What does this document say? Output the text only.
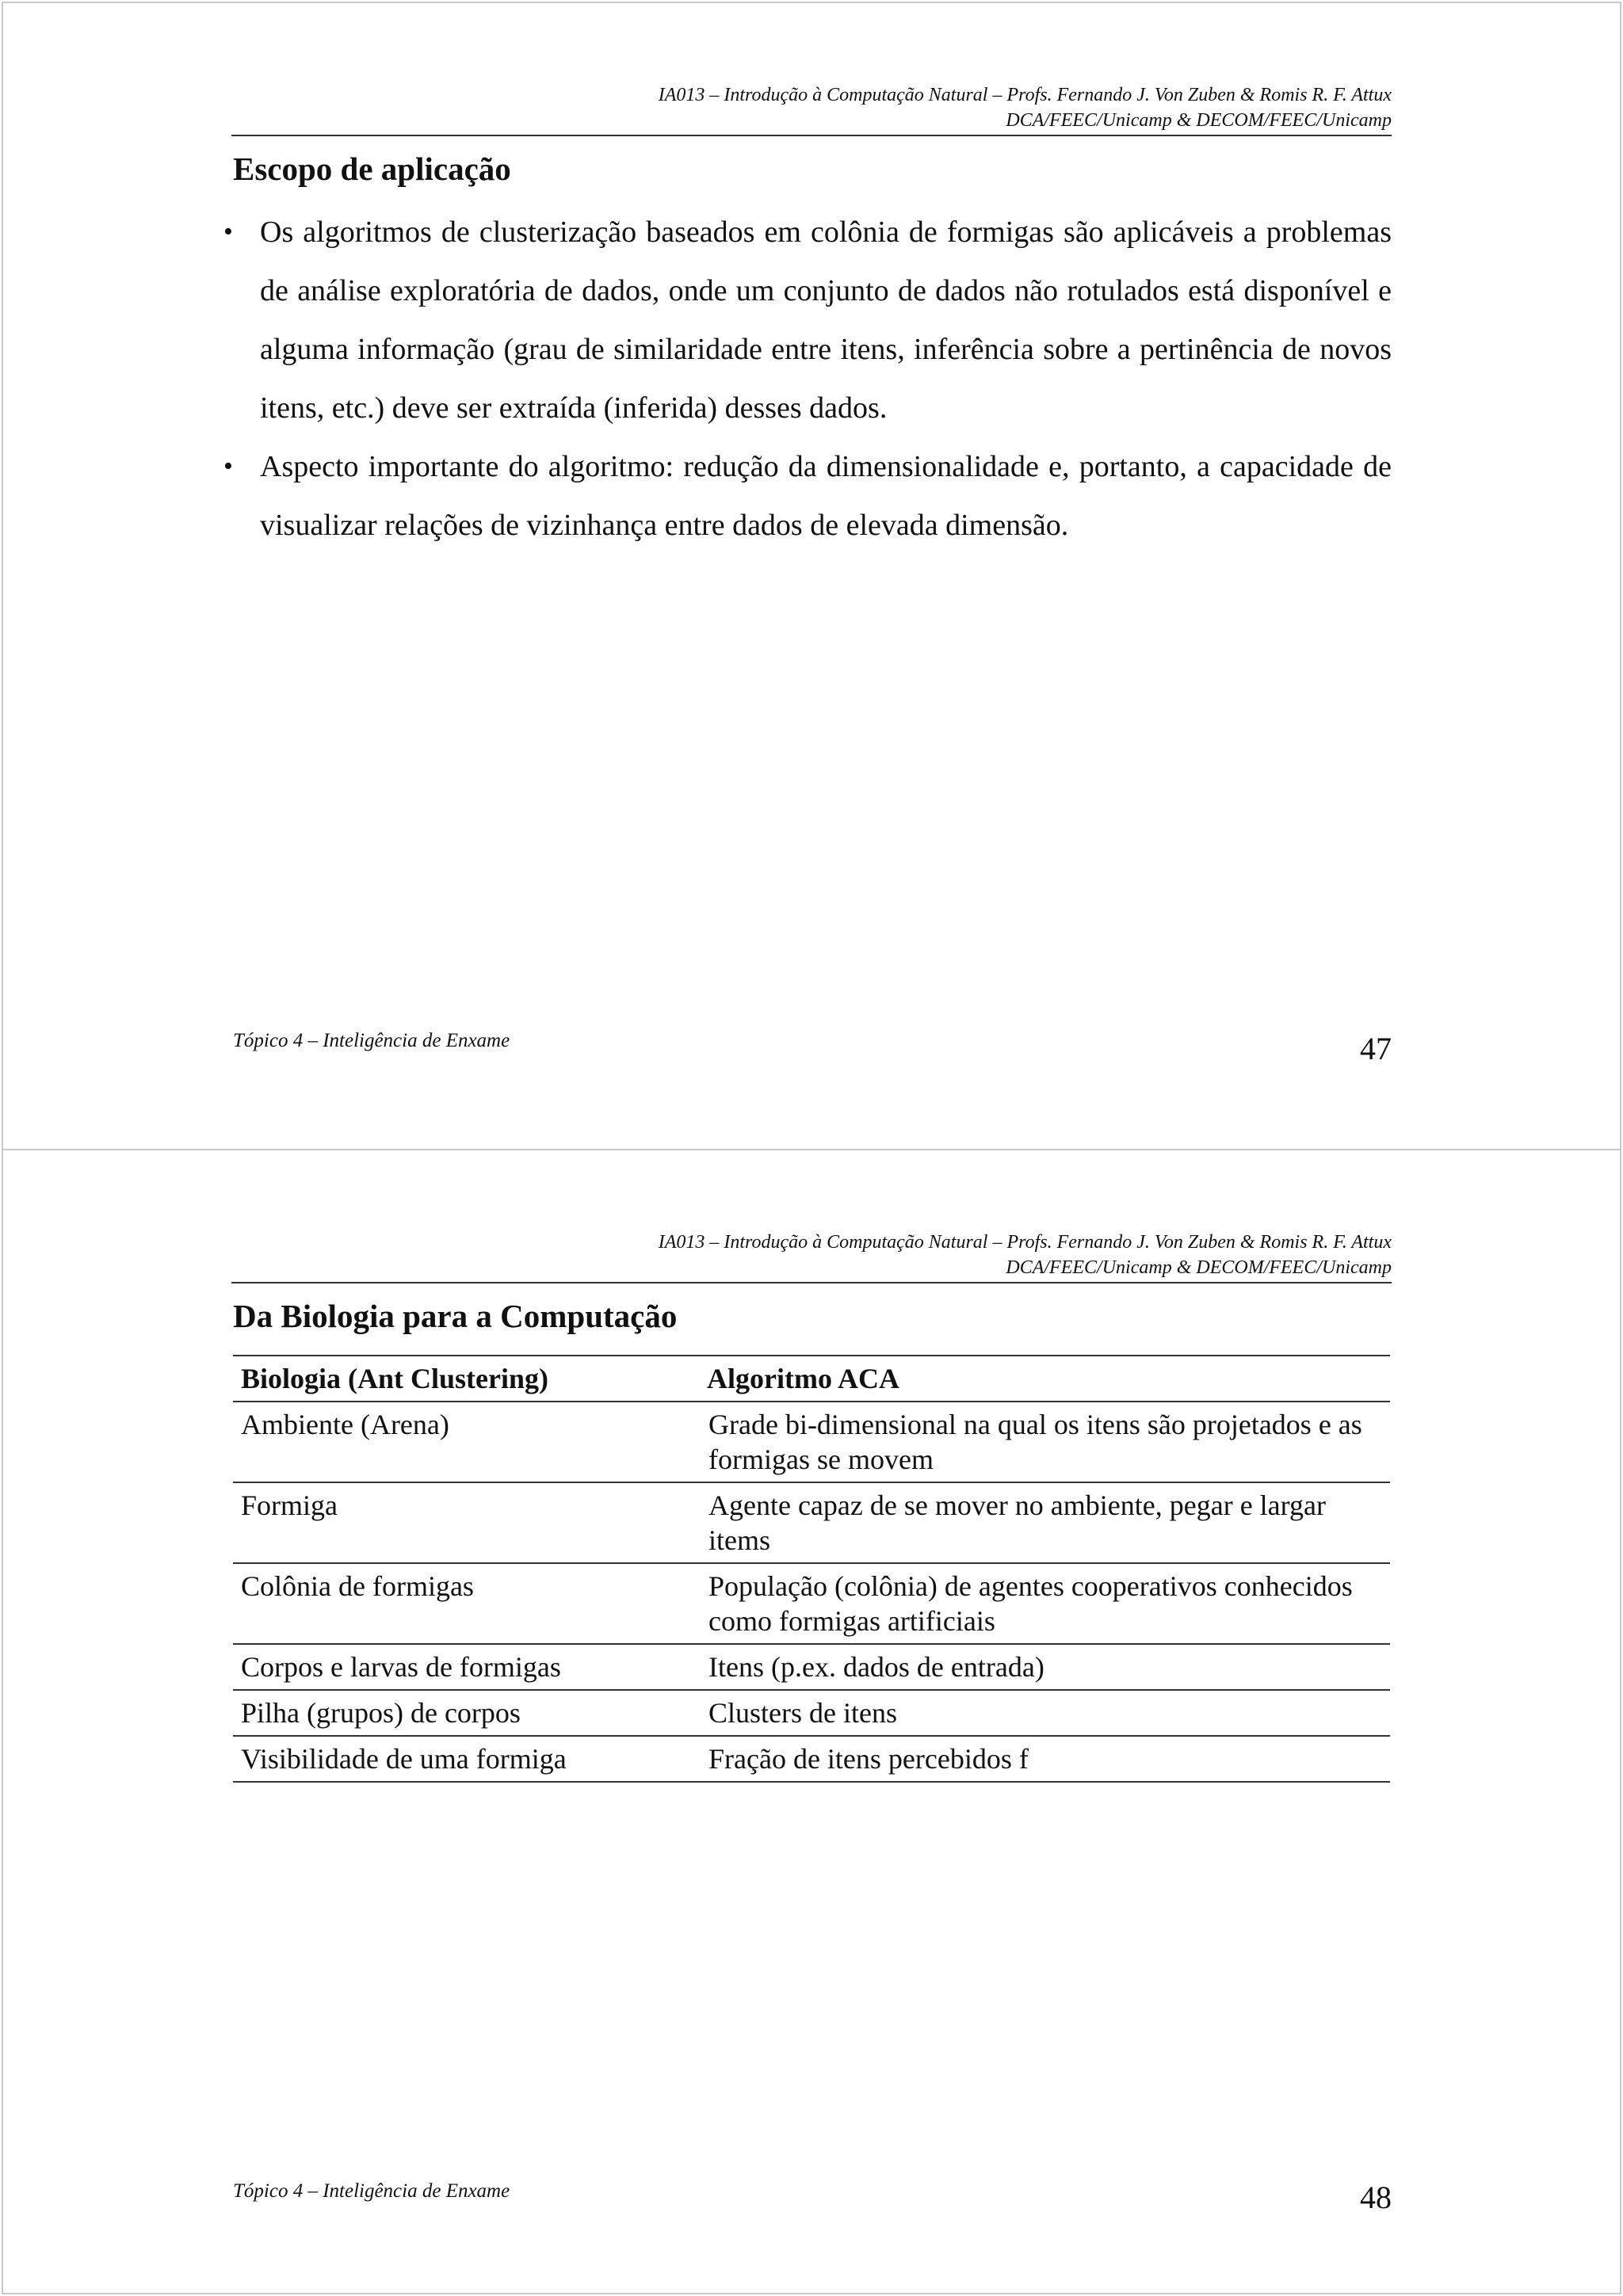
IA013 – Introdução à Computação Natural – Profs. Fernando J. Von Zuben & Romis R. F. Attux
DCA/FEEC/Unicamp & DECOM/FEEC/Unicamp
Escopo de aplicação
• Os algoritmos de clusterização baseados em colônia de formigas são aplicáveis a problemas de análise exploratória de dados, onde um conjunto de dados não rotulados está disponível e alguma informação (grau de similaridade entre itens, inferência sobre a pertinência de novos itens, etc.) deve ser extraída (inferida) desses dados.
• Aspecto importante do algoritmo: redução da dimensionalidade e, portanto, a capacidade de visualizar relações de vizinhança entre dados de elevada dimensão.
Tópico 4 – Inteligência de Enxame	47
IA013 – Introdução à Computação Natural – Profs. Fernando J. Von Zuben & Romis R. F. Attux
DCA/FEEC/Unicamp & DECOM/FEEC/Unicamp
Da Biologia para a Computação
Biologia (Ant Clustering)	Algoritmo ACA
Ambiente (Arena)	Grade bi-dimensional na qual os itens são projetados e as formigas se movem
Formiga	Agente capaz de se mover no ambiente, pegar e largar items
Colônia de formigas	População (colônia) de agentes cooperativos conhecidos como formigas artificiais
Corpos e larvas de formigas	Itens (p.ex. dados de entrada)
Pilha (grupos) de corpos	Clusters de itens
Visibilidade de uma formiga	Fração de itens percebidos f
Tópico 4 – Inteligência de Enxame	48
